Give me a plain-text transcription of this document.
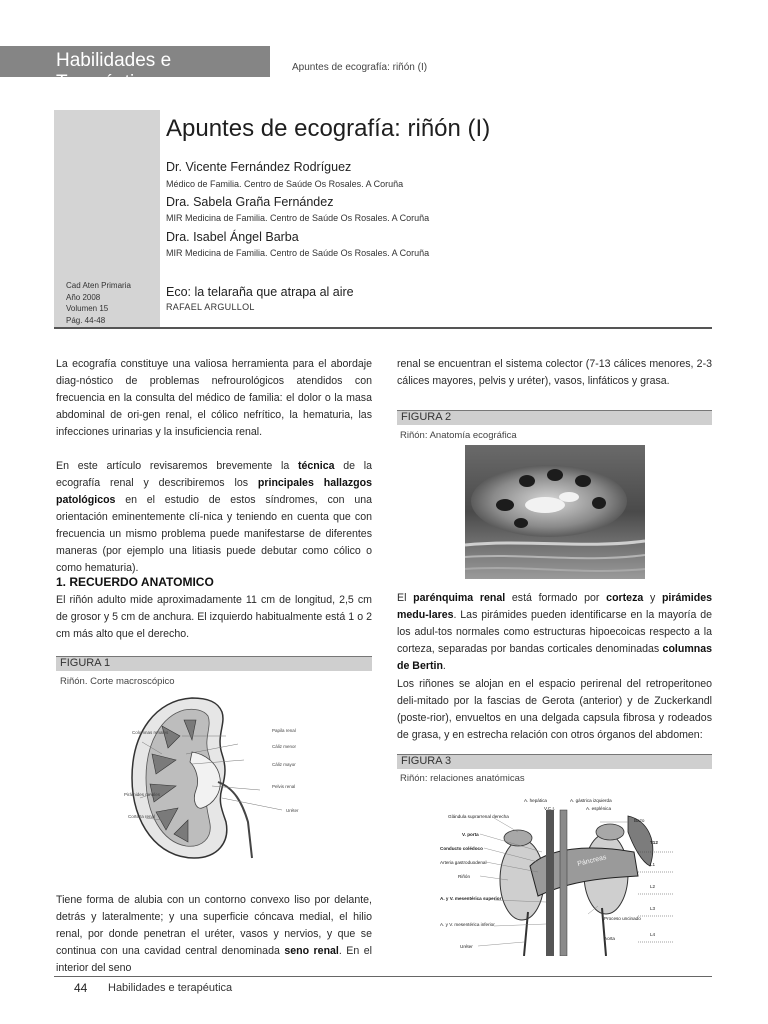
Habilidades e Terapéutica
Apuntes de ecografía: riñón (I)
Cad Aten Primaria
Año 2008
Volumen 15
Pág. 44-48
Apuntes de ecografía: riñón (I)
Dr. Vicente Fernández Rodríguez
Médico de Familia. Centro de Saúde Os Rosales. A Coruña
Dra. Sabela Graña Fernández
MIR Medicina de Familia. Centro de Saúde Os Rosales. A Coruña
Dra. Isabel Ángel Barba
MIR Medicina de Familia. Centro de Saúde Os Rosales. A Coruña
Eco: la telaraña que atrapa al aire
RAFAEL ARGULLOL
La ecografía constituye una valiosa herramienta para el abordaje diag-nóstico de problemas nefrourológicos atendidos con frecuencia en la consulta del médico de familia: el dolor o la masa abdominal de ori-gen renal, el cólico nefrítico, la hematuria, las infecciones urinarias y la insuficiencia renal.
En este artículo revisaremos brevemente la técnica de la ecografía renal y describiremos los principales hallazgos patológicos en el estudio de estos síndromes, con una orientación eminentemente clí-nica y teniendo en cuenta que con frecuencia un mismo problema puede manifestarse de diferentes maneras (por ejemplo una litiasis puede debutar como cólico o como hematuria).
1. RECUERDO ANATOMICO
El riñón adulto mide aproximadamente 11 cm de longitud, 2,5 cm de grosor y 5 cm de anchura. El izquierdo habitualmente está 1 o 2 cm más alto que el derecho.
FIGURA 1
Riñón. Corte macroscópico
Columnas renales	Papila renal
Cáliz menor
Cáliz mayor
Pirámides renales
Pelvis renal
Corteza renal
Uréter
Tiene forma de alubia con un contorno convexo liso por delante, detrás y lateralmente; y una superficie cóncava medial, el hilio renal, por donde penetran el uréter, vasos y nervios, y que se continua con una cavidad central denominada seno renal. En el interior del seno
renal se encuentran el sistema colector (7-13 cálices menores, 2-3 cálices mayores, pelvis y uréter), vasos, linfáticos y grasa.
FIGURA 2
Riñón: Anatomía ecográfica
El parénquima renal está formado por corteza y pirámides medu-lares. Las pirámides pueden identificarse en la mayoría de los adul-tos normales como estructuras hipoecoicas respecto a la corteza, separadas por bandas corticales denominadas columnas de Bertin.
Los riñones se alojan en el espacio perirenal del retroperitoneo deli-mitado por la fascias de Gerota (anterior) y de Zuckerkandl (poste-rior), envueltos en una delgada capsula fibrosa y rodeados de grasa, y en estrecha relación con otros órganos del abdomen:
FIGURA 3
Riñón: relaciones anatómicas
Glándula suprarrenal derecha
V. porta
Conducto colédoco
Arteria gastroduodenal
Riñón
A. y V. mesentérica superior
A. y V. mesentérica inferior
Uréter
A. hepática	A. gástrica izquierda
A. esplénica
Bazo
T12
L1
L2
L3
L4
Proceso uncinado
Aorta
V.C.I.
Páncreas
44 Habilidades e terapéutica
